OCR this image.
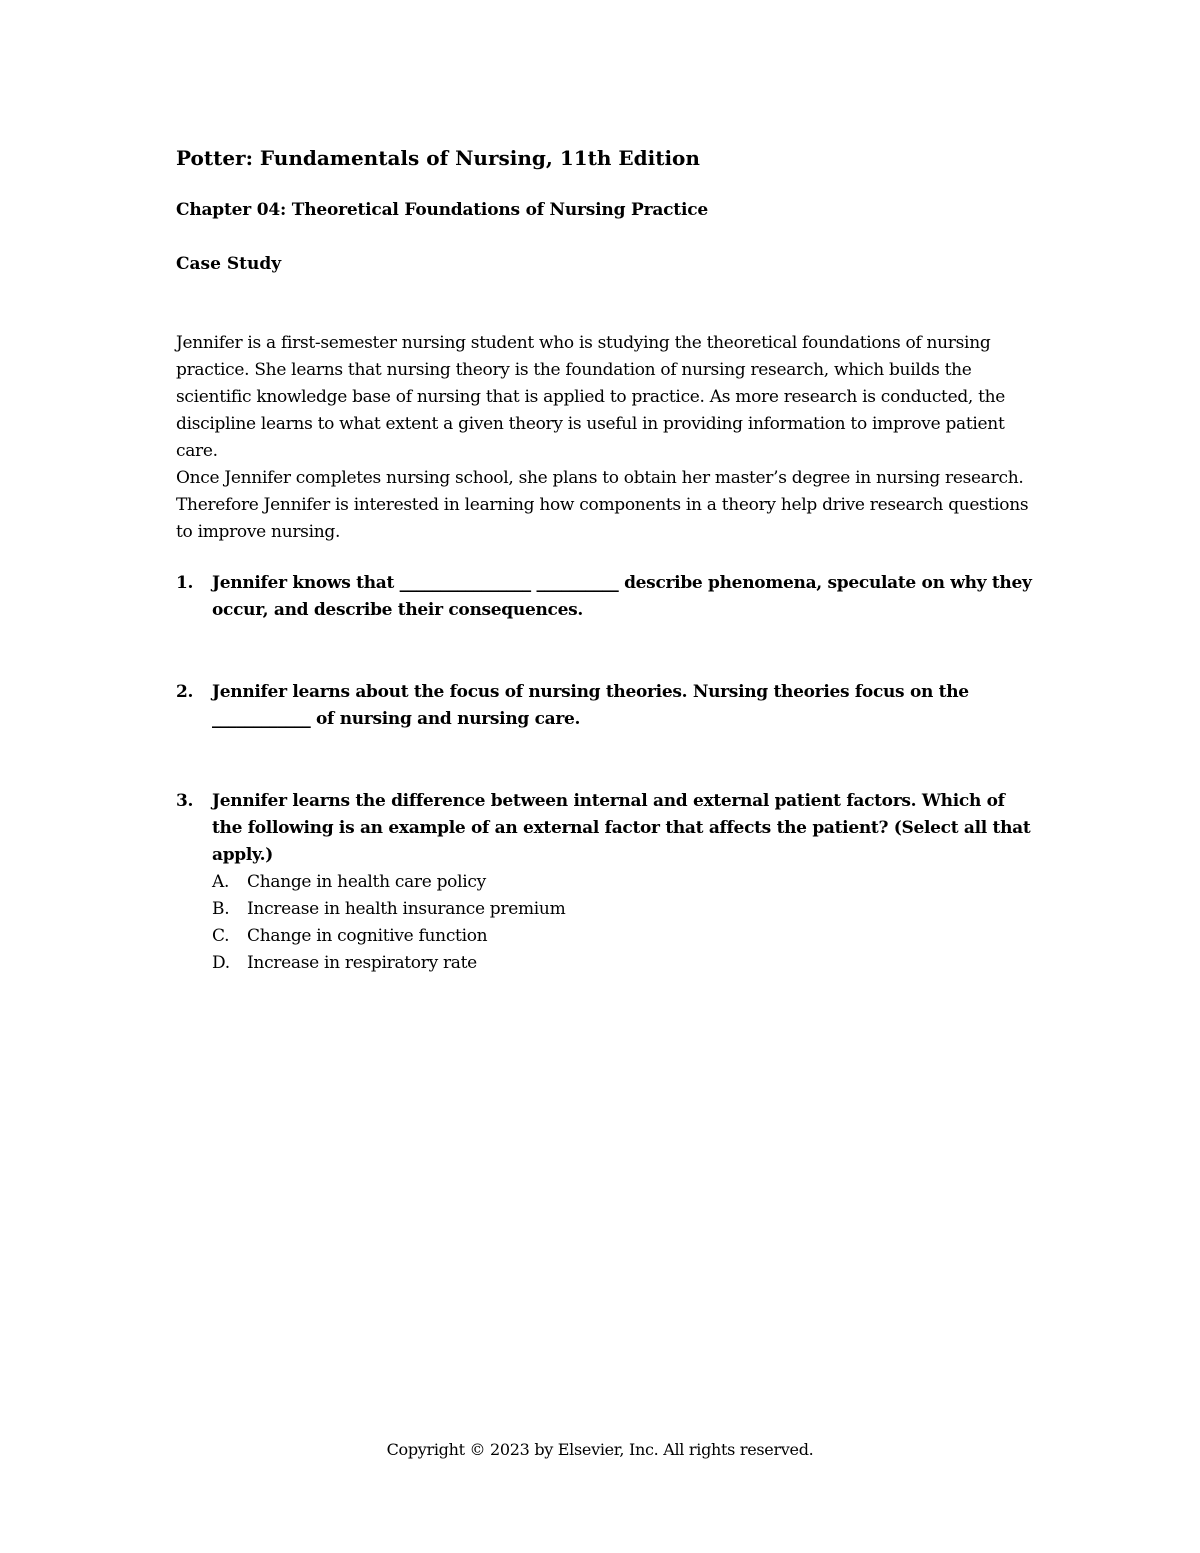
Potter: Fundamentals of Nursing, 11th Edition
Chapter 04: Theoretical Foundations of Nursing Practice
Case Study

Jennifer is a first-semester nursing student who is studying the theoretical foundations of nursing practice. She learns that nursing theory is the foundation of nursing research, which builds the scientific knowledge base of nursing that is applied to practice. As more research is conducted, the discipline learns to what extent a given theory is useful in providing information to improve patient care.

Once Jennifer completes nursing school, she plans to obtain her master’s degree in nursing research. Therefore Jennifer is interested in learning how components in a theory help drive research questions to improve nursing.

1. Jennifer knows that ________________ __________ describe phenomena, speculate on why they occur, and describe their consequences.
2. Jennifer learns about the focus of nursing theories. Nursing theories focus on the ____________ of nursing and nursing care.
3. Jennifer learns the difference between internal and external patient factors. Which of the following is an example of an external factor that affects the patient? (Select all that apply.)
A. Change in health care policy
B. Increase in health insurance premium
C. Change in cognitive function
D. Increase in respiratory rate
Copyright © 2023 by Elsevier, Inc. All rights reserved.
